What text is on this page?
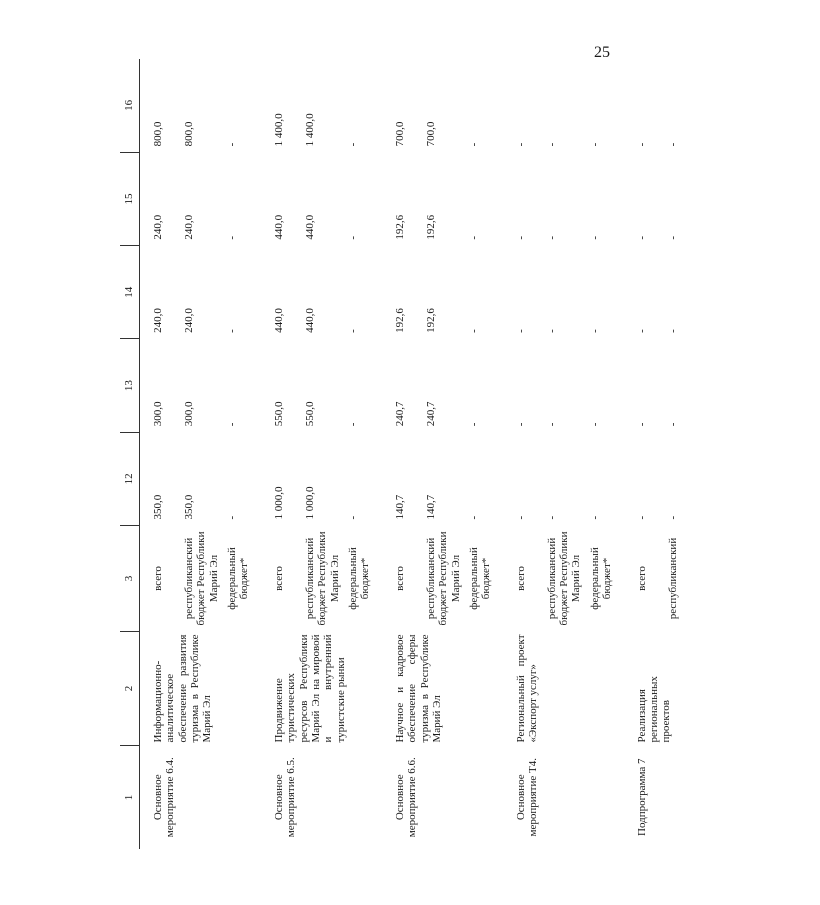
25
1	2	3	12	13	14	15	16
Основное мероприятие 6.4.	Информационно-аналитическое обеспечение развития туризма в Республике Марий Эл	всего	350,0	300,0	240,0	240,0	800,0
		республиканский бюджет Республики Марий Эл	350,0	300,0	240,0	240,0	800,0
		федеральный бюджет*	-	-	-	-	-

Основное мероприятие 6.5.	Продвижение туристических ресурсов Республики Марий Эл на мировой и внутренний туристские рынки	всего	1 000,0	550,0	440,0	440,0	1 400,0
		республиканский бюджет Республики Марий Эл	1 000,0	550,0	440,0	440,0	1 400,0
		федеральный бюджет*	-	-	-	-	-

Основное мероприятие 6.6.	Научное и кадровое обеспечение сферы туризма в Республике Марий Эл	всего	140,7	240,7	192,6	192,6	700,0
		республиканский бюджет Республики Марий Эл	140,7	240,7	192,6	192,6	700,0
		федеральный бюджет*	-	-	-	-	-

Основное мероприятие Т4.	Региональный проект «Экспорт услуг»	всего	-	-	-	-	-
		республиканский бюджет Республики Марий Эл	-	-	-	-	-
		федеральный бюджет*	-	-	-	-	-

Подпрограмма 7	Реализация региональных проектов	всего	-	-	-	-	-
		республиканский	-	-	-	-	-
